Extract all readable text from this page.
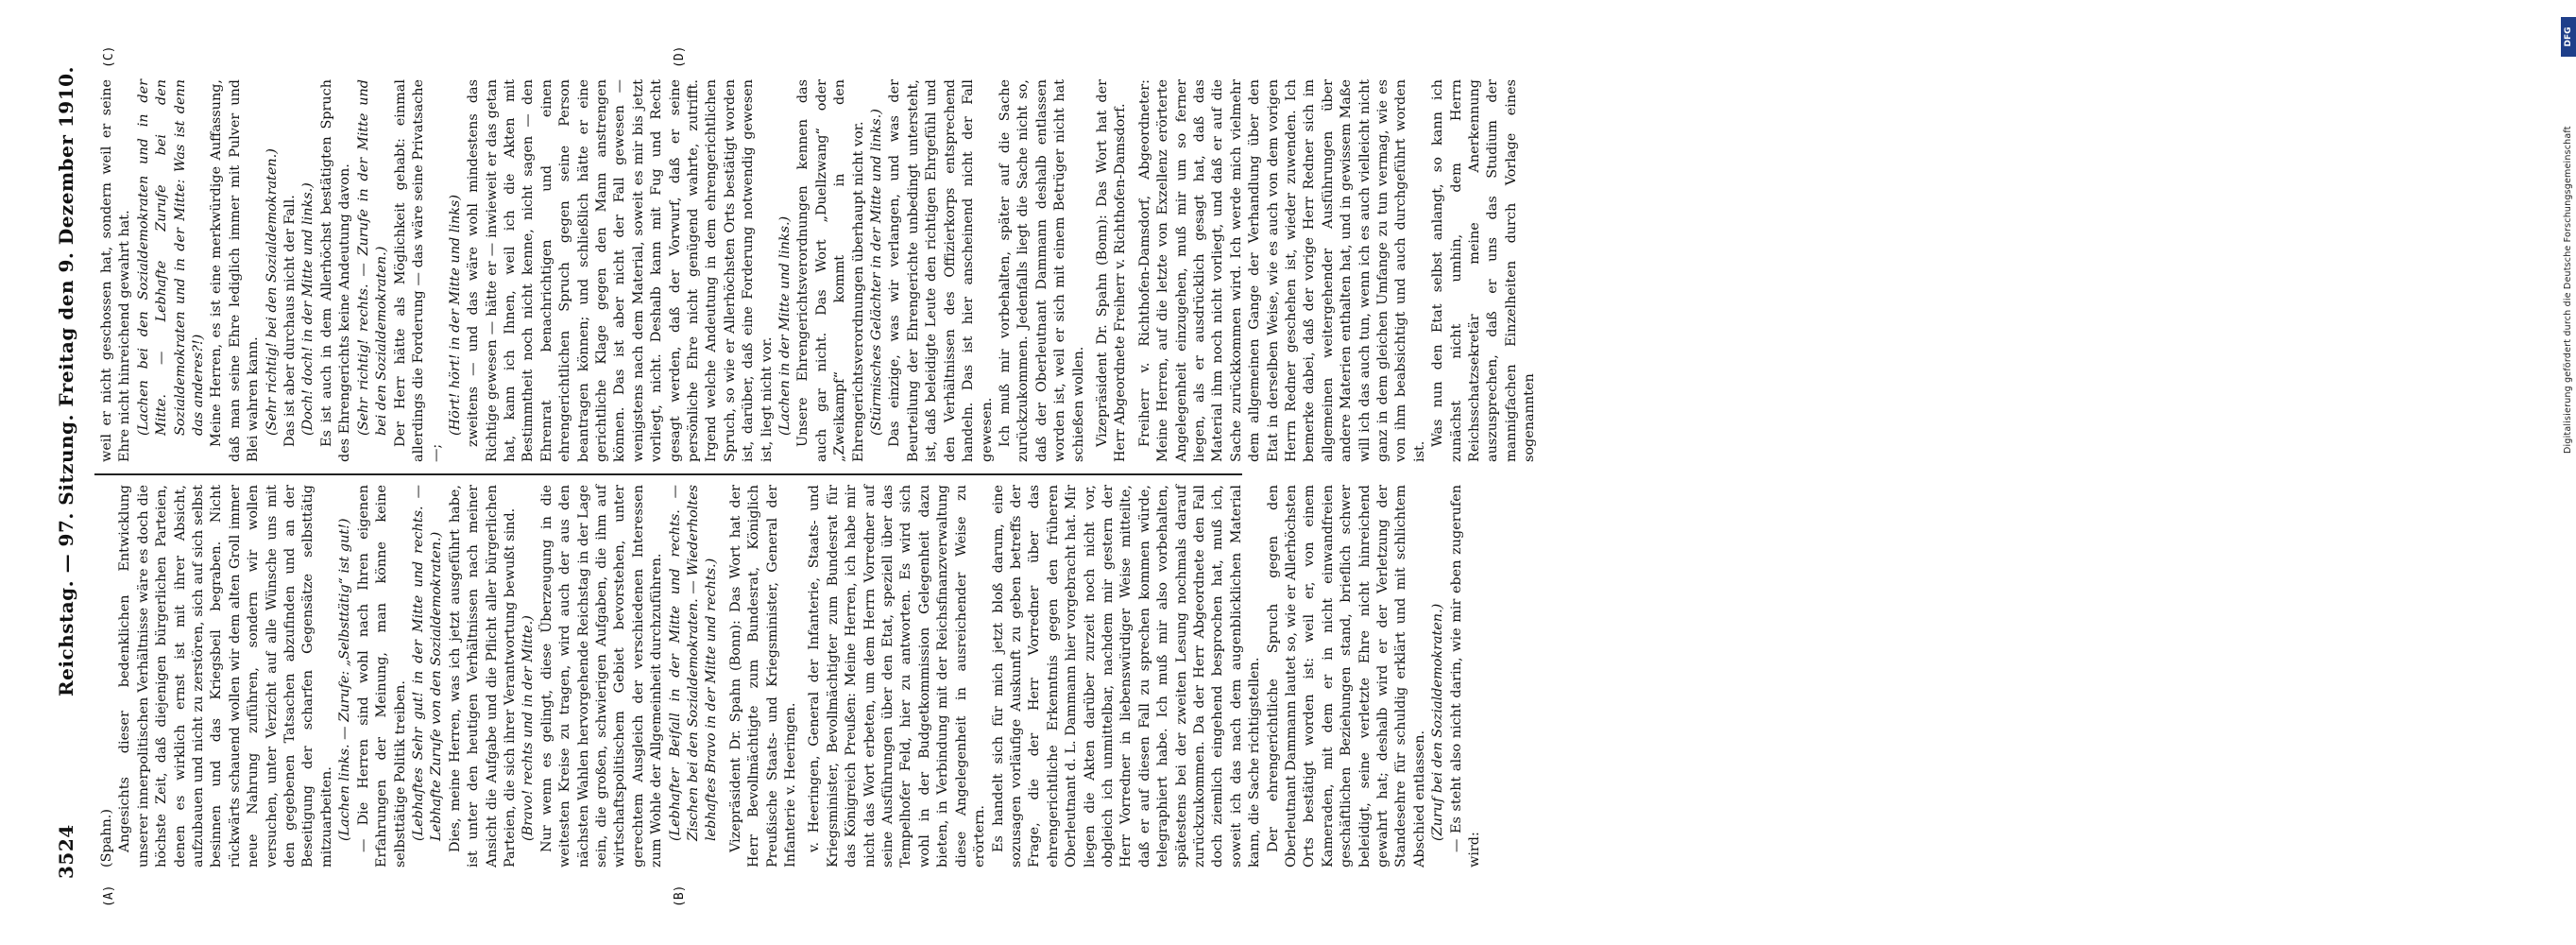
3524
Reichstag. — 97. Sitzung. Freitag den 9. Dezember 1910.
(A)	(B)
(C)	(D)

(Spahn.) Angesichts dieser bedenklichen Entwicklung unserer innerpolitischen Verhältnisse wäre es doch die höchste Zeit, daß diejenigen bürgerlichen Parteien, denen es wirklich ernst ist mit ihrer Absicht, aufzubauen und nicht zu zerstören, sich auf sich selbst besinnen und das Kriegsbeil begraben. Nicht rückwärts schauend wollen wir dem alten Groll immer neue Nahrung zuführen, sondern wir wollen versuchen, unter Verzicht auf alle Wünsche uns mit den gegebenen Tatsachen abzufinden und an der Beseitigung der scharfen Gegensätze selbsttätig mitzuarbeiten. (Lachen links. — Zurufe: „Selbsttätig“ ist gut!) — Die Herren sind wohl nach Ihren eigenen Erfahrungen der Meinung, man könne keine selbsttätige Politik treiben. (Lebhaftes Sehr gut! in der Mitte und rechts. — Lebhafte Zurufe von den Sozialdemokraten.) Dies, meine Herren, was ich jetzt ausgeführt habe, ist unter den heutigen Verhältnissen nach meiner Ansicht die Aufgabe und die Pflicht aller bürgerlichen Parteien, die sich ihrer Verantwortung bewußt sind. (Bravo! rechts und in der Mitte.) Nur wenn es gelingt, diese Überzeugung in die weitesten Kreise zu tragen, wird auch der aus den nächsten Wahlen hervorgehende Reichstag in der Lage sein, die großen, schwierigen Aufgaben, die ihm auf wirtschaftspolitischem Gebiet bevorstehen, unter gerechtem Ausgleich der verschiedenen Interessen zum Wohle der Allgemeinheit durchzuführen. (Lebhafter Beifall in der Mitte und rechts. — Zischen bei den Sozialdemokraten. — Wiederholtes lebhaftes Bravo in der Mitte und rechts.) Vizepräsident Dr. Spahn (Bonn): Das Wort hat der Herr Bevollmächtigte zum Bundesrat, Königlich Preußische Staats- und Kriegsminister, General der Infanterie v. Heeringen. v. Heeringen, General der Infanterie, Staats- und Kriegsminister, Bevollmächtigter zum Bundesrat für das Königreich Preußen: Meine Herren, ich habe mir nicht das Wort erbeten, um dem Herrn Vorredner auf seine Ausführungen über den Etat, speziell über das Tempelhofer Feld, hier zu antworten. Es wird sich wohl in der Budgetkommission Gelegenheit dazu bieten, in Verbindung mit der Reichsfinanzverwaltung diese Angelegenheit in ausreichender Weise zu erörtern. Es handelt sich für mich jetzt bloß darum, eine sozusagen vorläufige Auskunft zu geben betreffs der Frage, die der Herr Vorredner über das ehrengerichtliche Erkenntnis gegen den früheren Oberleutnant d. L. Dammann hier vorgebracht hat. Mir liegen die Akten darüber zurzeit noch nicht vor, obgleich ich unmittelbar, nachdem mir gestern der Herr Vorredner in liebenswürdiger Weise mitteilte, daß er auf diesen Fall zu sprechen kommen würde, telegraphiert habe. Ich muß mir also vorbehalten, spätestens bei der zweiten Lesung nochmals darauf zurückzukommen. Da der Herr Abgeordnete den Fall doch ziemlich eingehend besprochen hat, muß ich, soweit ich das nach dem augenblicklichen Material kann, die Sache richtigstellen. Der ehrengerichtliche Spruch gegen den Oberleutnant Dammann lautet so, wie er Allerhöchsten Orts bestätigt worden ist: weil er, von einem Kameraden, mit dem er in nicht einwandfreien geschäftlichen Beziehungen stand, brieflich schwer beleidigt, seine verletzte Ehre nicht hinreichend gewahrt hat; deshalb wird er der Verletzung der Standesehre für schuldig erklärt und mit schlichtem Abschied entlassen. (Zuruf bei den Sozialdemokraten.) — Es steht also nicht darin, wie mir eben zugerufen wird:

weil er nicht geschossen hat, sondern weil er seine Ehre nicht hinreichend gewahrt hat. (Lachen bei den Sozialdemokraten und in der Mitte. — Lebhafte Zurufe bei den Sozialdemokraten und in der Mitte: Was ist denn das anderes?!) Meine Herren, es ist eine merkwürdige Auffassung, daß man seine Ehre lediglich immer mit Pulver und Blei wahren kann. (Sehr richtig! bei den Sozialdemokraten.) Das ist aber durchaus nicht der Fall. (Doch! doch! in der Mitte und links.) Es ist auch in dem Allerhöchst bestätigten Spruch des Ehrengerichts keine Andeutung davon. (Sehr richtig! rechts. — Zurufe in der Mitte und bei den Sozialdemokraten.) Der Herr hätte als Möglichkeit gehabt: einmal allerdings die Forderung — das wäre seine Privatsache —;

(Hört! hört! in der Mitte und links) zweitens — und das wäre wohl mindestens das Richtige gewesen — hätte er — inwieweit er das getan hat, kann ich Ihnen, weil ich die Akten mit Bestimmtheit noch nicht kenne, nicht sagen — den Ehrenrat benachrichtigen und einen ehrengerichtlichen Spruch gegen seine Person beantragen können; und schließlich hätte er eine gerichtliche Klage gegen den Mann anstrengen können. Das ist aber nicht der Fall gewesen — wenigstens nach dem Material, soweit es mir bis jetzt vorliegt, nicht. Deshalb kann mit Fug und Recht gesagt werden, daß der Vorwurf, daß er seine persönliche Ehre nicht genügend wahrte, zutrifft. Irgend welche Andeutung in dem ehrengerichtlichen Spruch, so wie er Allerhöchsten Orts bestätigt worden ist, darüber, daß eine Forderung notwendig gewesen ist, liegt nicht vor. (Lachen in der Mitte und links.) Unsere Ehrengerichtsverordnungen kennen das auch gar nicht. Das Wort „Duellzwang“ oder „Zweikampf“ kommt in den Ehrengerichtsverordnungen überhaupt nicht vor. (Stürmisches Gelächter in der Mitte und links.) Das einzige, was wir verlangen, und was der Beurteilung der Ehrengerichte unbedingt untersteht, ist, daß beleidigte Leute den richtigen Ehrgefühl und den Verhältnissen des Offizierkorps entsprechend handeln. Das ist hier anscheinend nicht der Fall gewesen. Ich muß mir vorbehalten, später auf die Sache zurückzukommen. Jedenfalls liegt die Sache nicht so, daß der Oberleutnant Dammann deshalb entlassen worden ist, weil er sich mit einem Betrüger nicht hat schießen wollen. Vizepräsident Dr. Spahn (Bonn): Das Wort hat der Herr Abgeordnete Freiherr v. Richthofen-Damsdorf. Freiherr v. Richthofen-Damsdorf, Abgeordneter: Meine Herren, auf die letzte von Exzellenz erörterte Angelegenheit einzugehen, muß mir um so ferner liegen, als er ausdrücklich gesagt hat, daß das Material ihm noch nicht vorliegt, und daß er auf die Sache zurückkommen wird. Ich werde mich vielmehr dem allgemeinen Gange der Verhandlung über den Etat in derselben Weise, wie es auch von dem vorigen Herrn Redner geschehen ist, wieder zuwenden. Ich bemerke dabei, daß der vorige Herr Redner sich im allgemeinen weitergehender Ausführungen über andere Materien enthalten hat, und in gewissem Maße will ich das auch tun, wenn ich es auch vielleicht nicht ganz in dem gleichen Umfange zu tun vermag, wie es von ihm beabsichtigt und auch durchgeführt worden ist.

Was nun den Etat selbst anlangt, so kann ich zunächst nicht umhin, dem Herrn Reichsschatzsekretär meine Anerkennung auszusprechen, daß er uns das Studium der mannigfachen Einzelheiten durch Vorlage eines sogenannten	Digitalisierung gefördert durch die Deutsche Forschungsgemeinschaft
DFG
